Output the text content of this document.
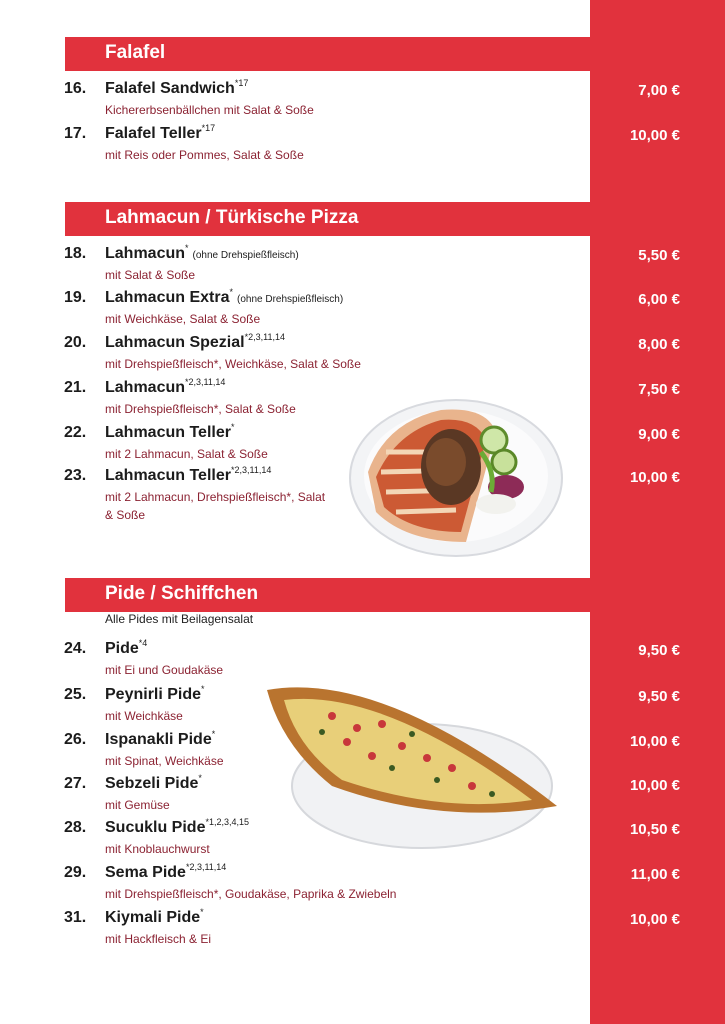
Falafel
16.	Falafel Sandwich$^{*17}$
Kichererbsenbällchen mit Salat & Soße
7,00 €
17.	Falafel Teller$^{*17}$
mit Reis oder Pommes, Salat & Soße
10,00 €
Lahmacun / Türkische Pizza
18.	Lahmacun*(ohne Drehspießfleisch)
mit Salat & Soße
5,50 €
19.	Lahmacun Extra*(ohne Drehspießfleisch)
mit Weichkäse, Salat & Soße
6,00 €
20.	Lahmacun Spezial$^{*2,3,11,14}$
mit Drehspießfleisch*, Weichkäse, Salat & Soße
8,00 €
21.	Lahmacun$^{*2,3,11,14}$
mit Drehspießfleisch*, Salat & Soße
7,50 €
22.	Lahmacun Teller*
mit 2 Lahmacun, Salat & Soße
9,00 €
23.	Lahmacun Teller$^{*2,3,11,14}$
mit 2 Lahmacun, Drehspießfleisch*, Salat & Soße
10,00 €
Pide / Schiffchen
Alle Pides mit Beilagensalat
24.	Pide$^{*4}$
mit Ei und Goudakäse
9,50 €
25.	Peynirli Pide*
mit Weichkäse
9,50 €
26.	Ispanakli Pide*
mit Spinat, Weichkäse
10,00 €
27.	Sebzeli Pide*
mit Gemüse
10,00 €
28.	Sucuklu Pide$^{*1,2,3,4,15}$
mit Knoblauchwurst
10,50 €
29.	Sema Pide$^{*2,3,11,14}$
mit Drehspießfleisch*, Goudakäse, Paprika & Zwiebeln
11,00 €
31.	Kiymali Pide*
mit Hackfleisch & Ei
10,00 €
